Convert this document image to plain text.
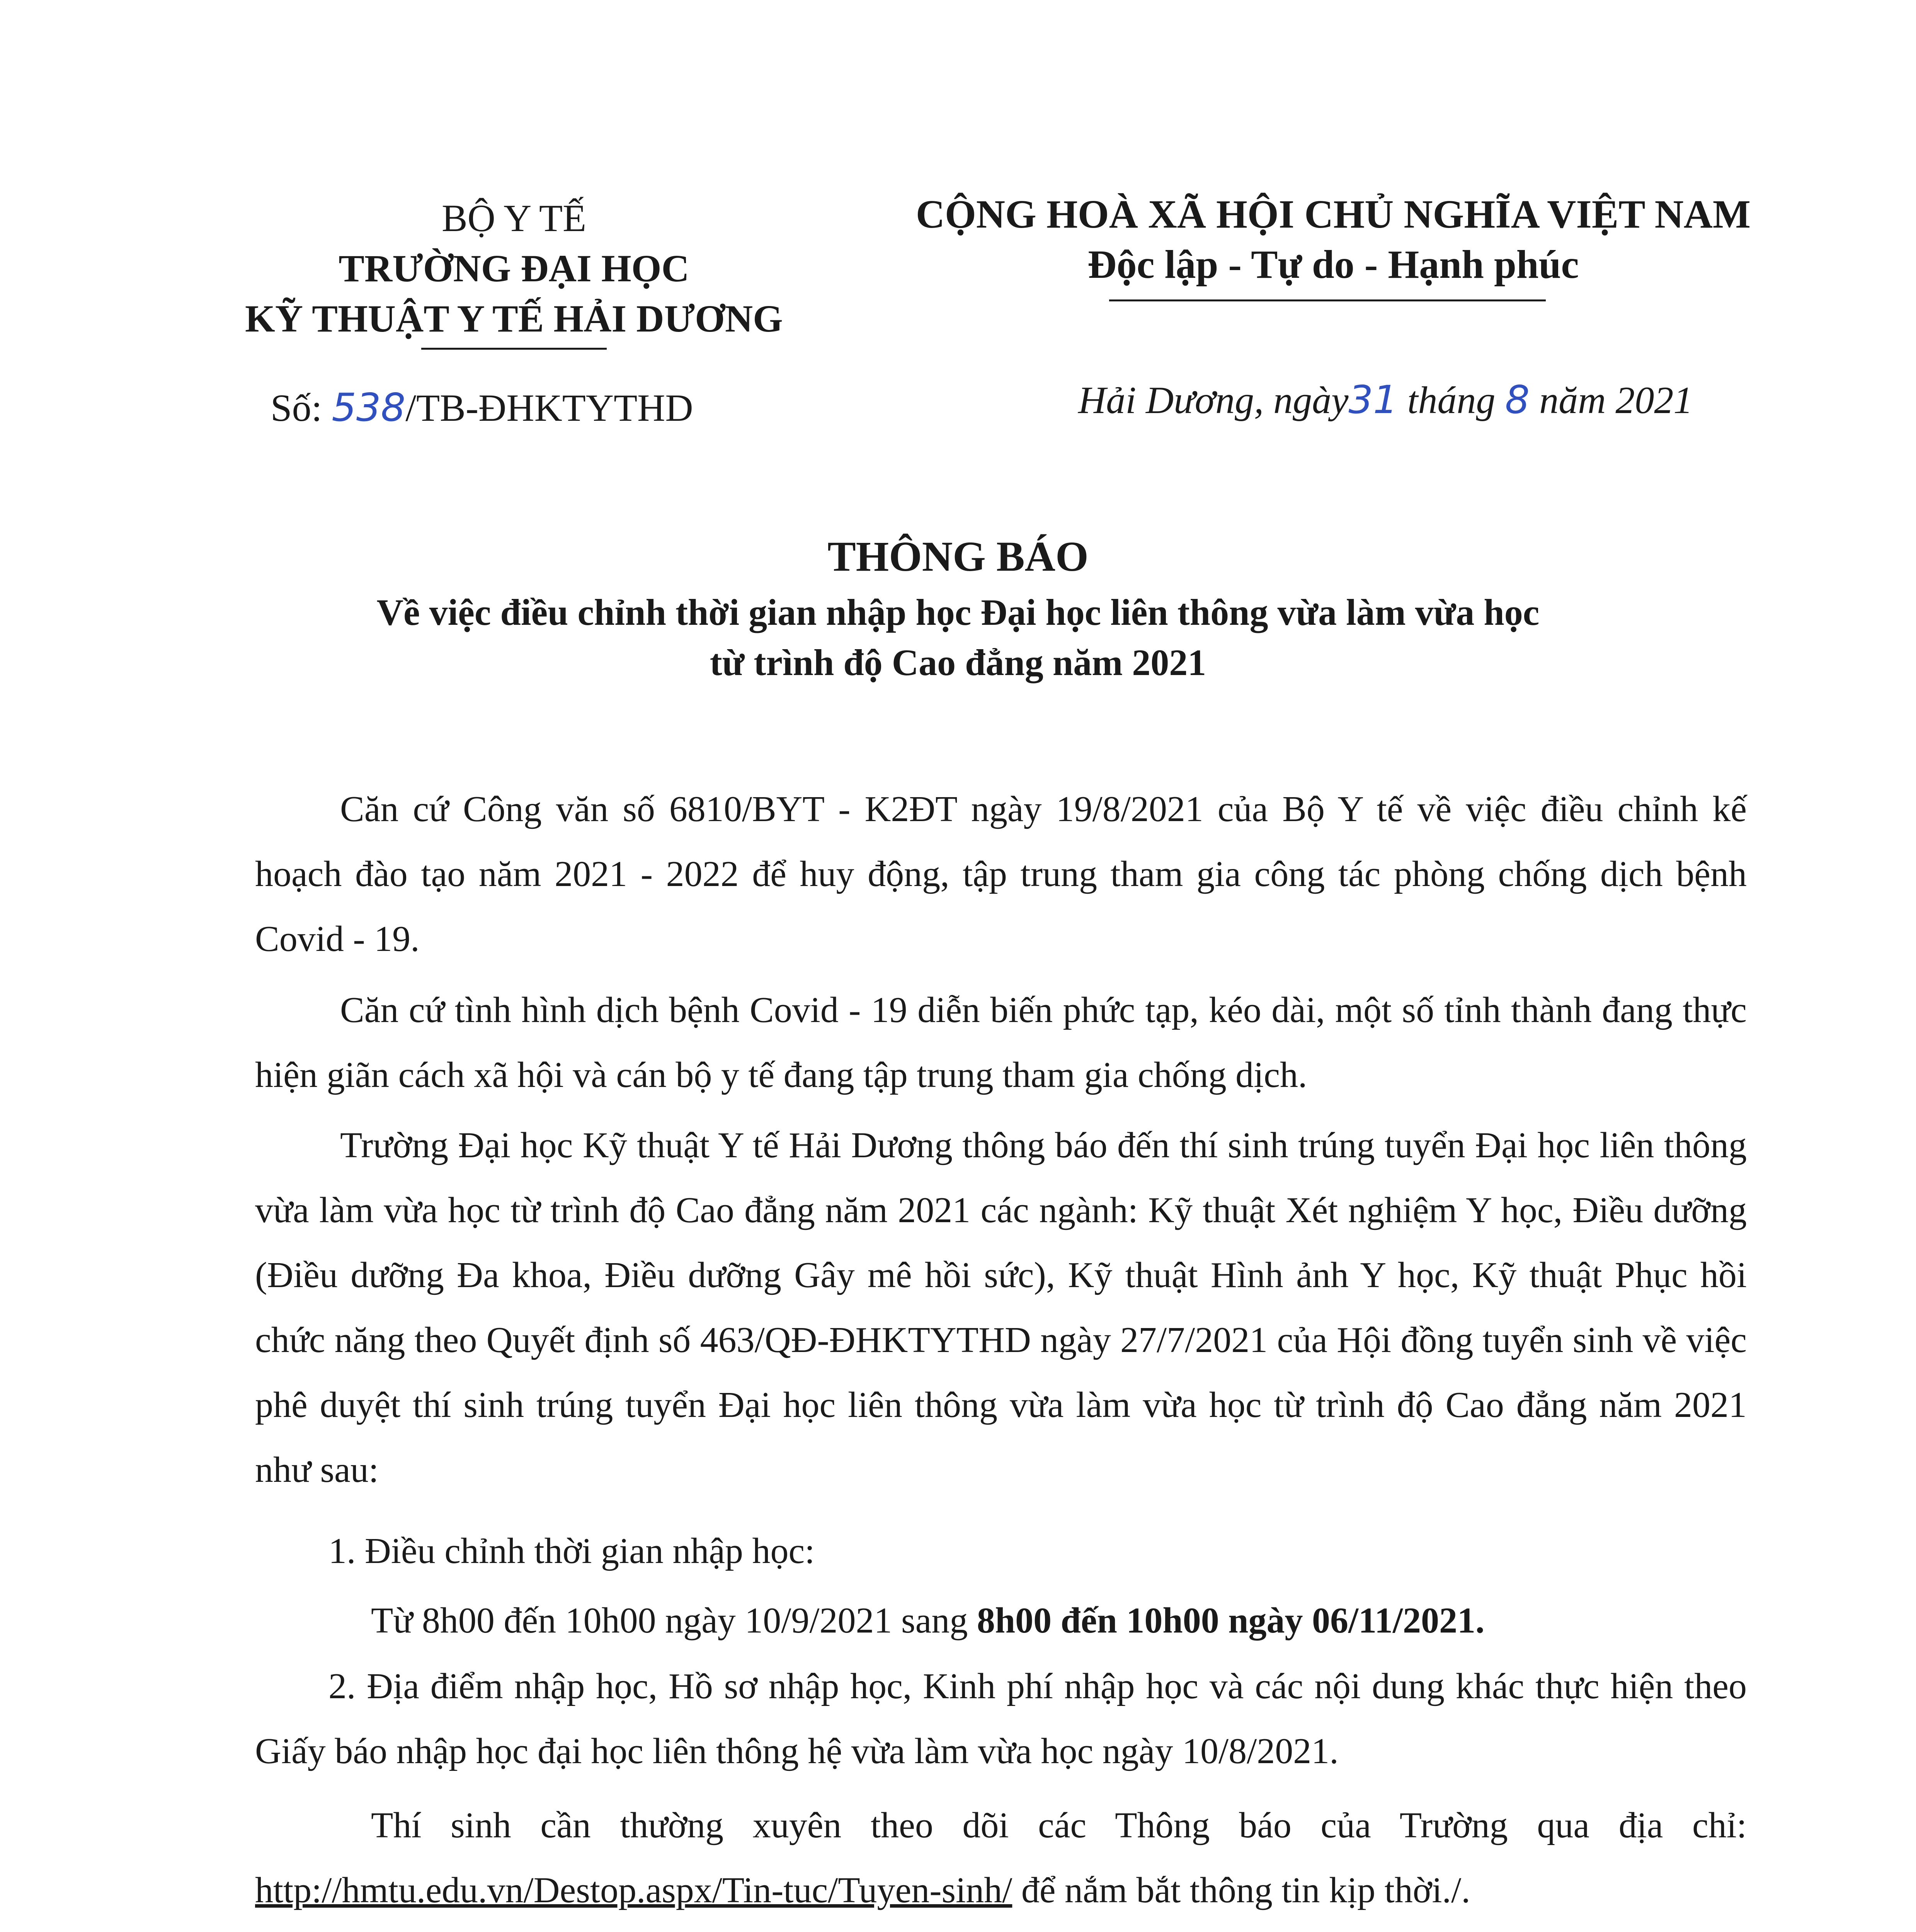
BỘ Y TẾ
TRƯỜNG ĐẠI HỌC
KỸ THUẬT Y TẾ HẢI DƯƠNG
Số: 538/TB-ĐHKTYTHD
CỘNG HOÀ XÃ HỘI CHỦ NGHĨA VIỆT NAM
Độc lập - Tự do - Hạnh phúc
Hải Dương, ngày31 tháng 8 năm 2021
THÔNG BÁO
Về việc điều chỉnh thời gian nhập học Đại học liên thông vừa làm vừa học
từ trình độ Cao đẳng năm 2021

Căn cứ Công văn số 6810/BYT - K2ĐT ngày 19/8/2021 của Bộ Y tế về việc điều chỉnh kế hoạch đào tạo năm 2021 - 2022 để huy động, tập trung tham gia công tác phòng chống dịch bệnh Covid - 19.

Căn cứ tình hình dịch bệnh Covid - 19 diễn biến phức tạp, kéo dài, một số tỉnh thành đang thực hiện giãn cách xã hội và cán bộ y tế đang tập trung tham gia chống dịch.

Trường Đại học Kỹ thuật Y tế Hải Dương thông báo đến thí sinh trúng tuyển Đại học liên thông vừa làm vừa học từ trình độ Cao đẳng năm 2021 các ngành: Kỹ thuật Xét nghiệm Y học, Điều dưỡng (Điều dưỡng Đa khoa, Điều dưỡng Gây mê hồi sức), Kỹ thuật Hình ảnh Y học, Kỹ thuật Phục hồi chức năng theo Quyết định số 463/QĐ-ĐHKTYTHD ngày 27/7/2021 của Hội đồng tuyển sinh về việc phê duyệt thí sinh trúng tuyển Đại học liên thông vừa làm vừa học từ trình độ Cao đẳng năm 2021 như sau:

1. Điều chỉnh thời gian nhập học:

Từ 8h00 đến 10h00 ngày 10/9/2021 sang 8h00 đến 10h00 ngày 06/11/2021.

2. Địa điểm nhập học, Hồ sơ nhập học, Kinh phí nhập học và các nội dung khác thực hiện theo Giấy báo nhập học đại học liên thông hệ vừa làm vừa học ngày 10/8/2021.

Thí sinh cần thường xuyên theo dõi các Thông báo của Trường qua địa chỉ: http://hmtu.edu.vn/Destop.aspx/Tin-tuc/Tuyen-sinh/ để nắm bắt thông tin kịp thời./.
